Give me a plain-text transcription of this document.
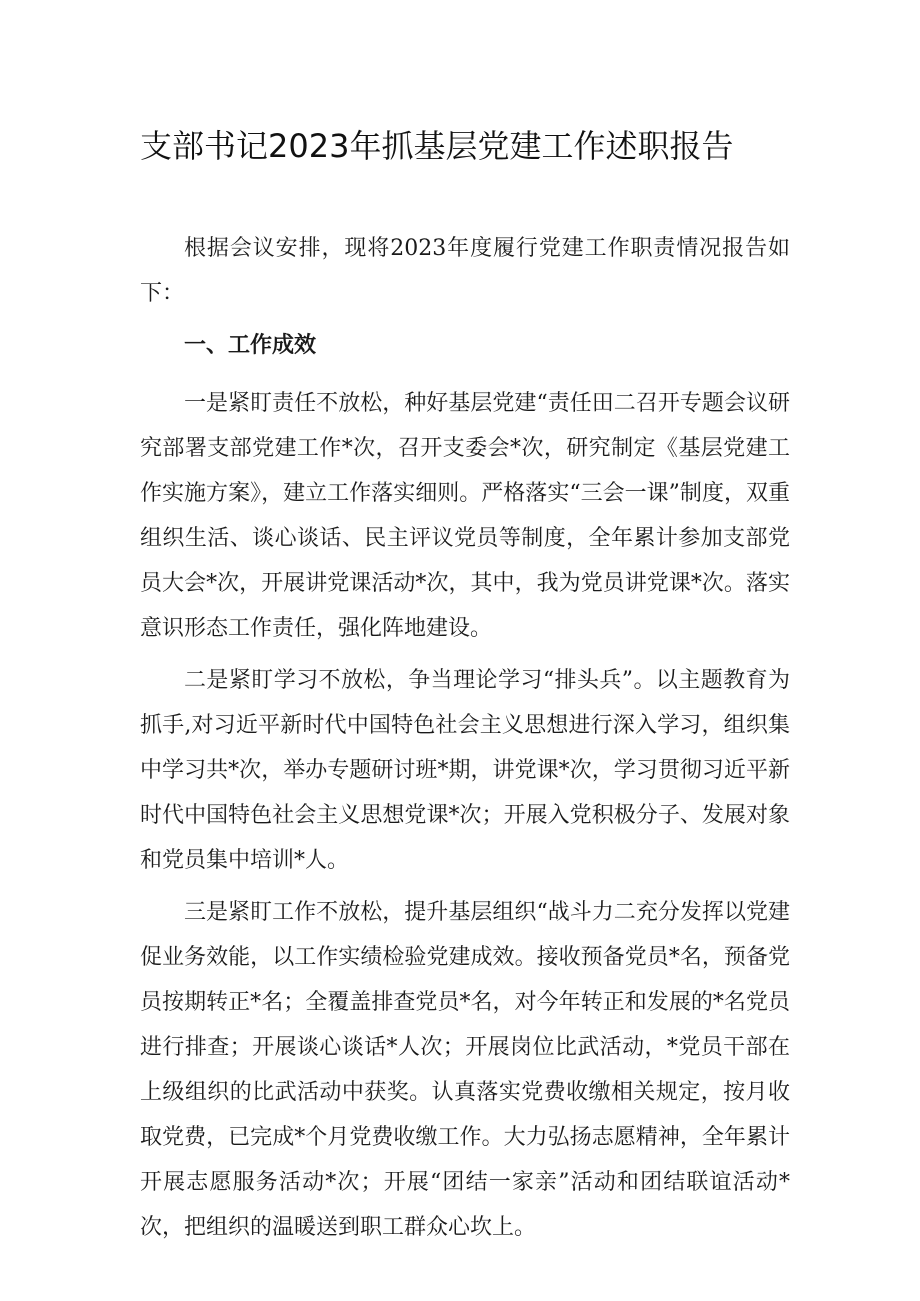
支部书记2023年抓基层党建工作述职报告

根据会议安排，现将2023年度履行党建工作职责情况报告如下：

一、工作成效

一是紧盯责任不放松，种好基层党建“责任田二召开专题会议研究部署支部党建工作*次，召开支委会*次，研究制定《基层党建工作实施方案》，建立工作落实细则。严格落实“三会一课”制度，双重组织生活、谈心谈话、民主评议党员等制度，全年累计参加支部党员大会*次，开展讲党课活动*次，其中，我为党员讲党课*次。落实意识形态工作责任，强化阵地建设。

二是紧盯学习不放松，争当理论学习“排头兵”。以主题教育为抓手,对习近平新时代中国特色社会主义思想进行深入学习，组织集中学习共*次，举办专题研讨班*期，讲党课*次，学习贯彻习近平新时代中国特色社会主义思想党课*次；开展入党积极分子、发展对象和党员集中培训*人。

三是紧盯工作不放松，提升基层组织“战斗力二充分发挥以党建促业务效能，以工作实绩检验党建成效。接收预备党员*名，预备党员按期转正*名；全覆盖排查党员*名，对今年转正和发展的*名党员进行排查；开展谈心谈话*人次；开展岗位比武活动，*党员干部在上级组织的比武活动中获奖。认真落实党费收缴相关规定，按月收取党费，已完成*个月党费收缴工作。大力弘扬志愿精神，全年累计开展志愿服务活动*次；开展“团结一家亲”活动和团结联谊活动*次，把组织的温暖送到职工群众心坎上。
